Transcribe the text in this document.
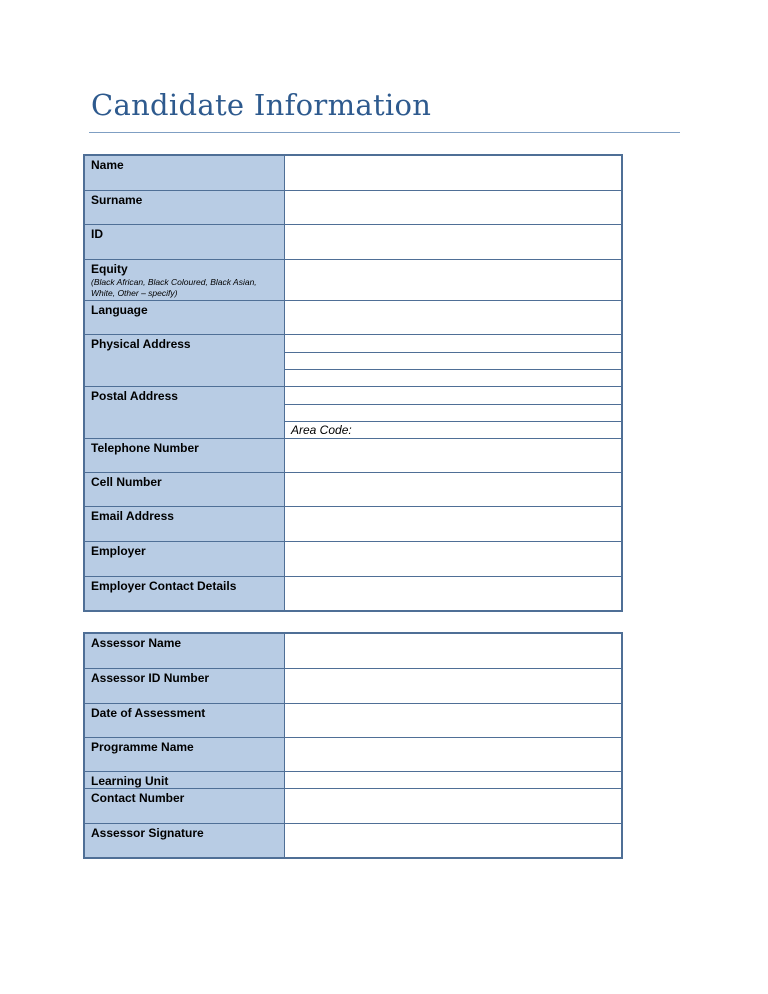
Candidate Information
Name	
Surname	
ID	
Equity
(Black African, Black Coloured, Black Asian, White, Other – specify)	

Language	
Physical Address	

Postal Address	

	Area Code:
Telephone Number	
Cell Number	
Email Address	
Employer	
Employer Contact Details	
Assessor Name	
Assessor ID Number	
Date of Assessment	
Programme Name	
Learning Unit	
Contact Number	
Assessor Signature	
